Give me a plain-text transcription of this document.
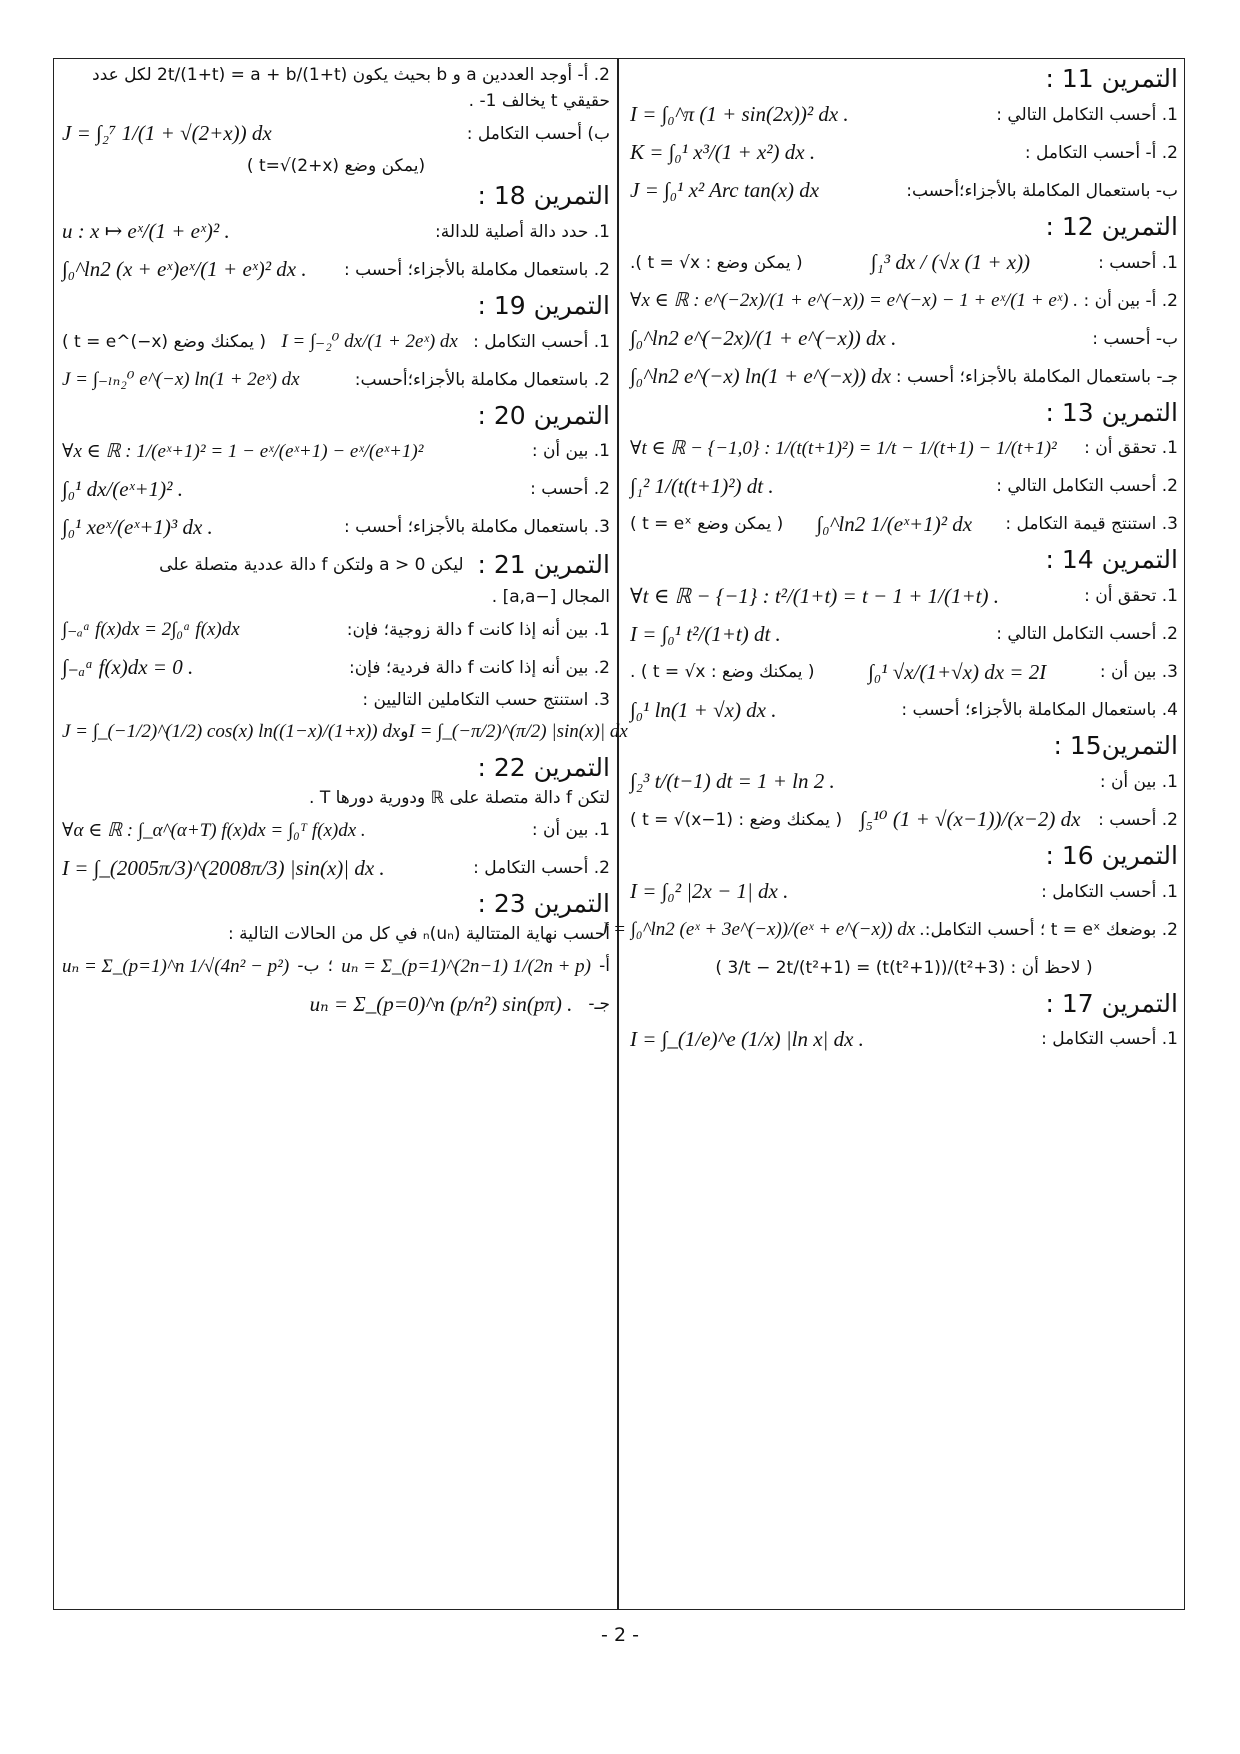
التمرين 11 :
1. أحسب التكامل التالي :
I = ∫₀^π (1 + sin(2x))² dx .
2. أ- أحسب التكامل :
K = ∫₀¹ x³/(1 + x²) dx .
ب- باستعمال المكاملة بالأجزاء؛أحسب:
J = ∫₀¹ x² Arc tan(x) dx
التمرين 12 :
1. أحسب :
∫₁³ dx / (√x (1 + x))
( يمكن وضع : t = √x ).
2. أ- بين أن :
∀x ∈ ℝ : e^(−2x)/(1 + e^(−x)) = e^(−x) − 1 + eˣ/(1 + eˣ) .
ب- أحسب :
∫₀^ln2 e^(−2x)/(1 + e^(−x)) dx .
جـ- باستعمال المكاملة بالأجزاء؛ أحسب :
∫₀^ln2 e^(−x) ln(1 + e^(−x)) dx
التمرين 13 :
1. تحقق أن :
∀t ∈ ℝ − {−1,0} : 1/(t(t+1)²) = 1/t − 1/(t+1) − 1/(t+1)²
2. أحسب التكامل التالي :
∫₁² 1/(t(t+1)²) dt .
3. استنتج قيمة التكامل :
∫₀^ln2 1/(eˣ+1)² dx
( يمكن وضع t = eˣ )
التمرين 14 :
1. تحقق أن :
∀t ∈ ℝ − {−1} : t²/(1+t) = t − 1 + 1/(1+t) .
2. أحسب التكامل التالي :
I = ∫₀¹ t²/(1+t) dt .
3. بين أن :
∫₀¹ √x/(1+√x) dx = 2I
( يمكنك وضع : t = √x ) .
4. باستعمال المكاملة بالأجزاء؛ أحسب :
∫₀¹ ln(1 + √x) dx .
التمرين15 :
1. بين أن :
∫₂³ t/(t−1) dt = 1 + ln 2 .
2. أحسب :
∫₅¹⁰ (1 + √(x−1))/(x−2) dx
( يمكنك وضع : t = √(x−1) )
التمرين 16 :
1. أحسب التكامل :
I = ∫₀² |2x − 1| dx .
2. بوضعك t = eˣ ؛ أحسب التكامل:
J = ∫₀^ln2 (eˣ + 3e^(−x))/(eˣ + e^(−x)) dx .
( لاحظ أن : (t²+3)/(t(t²+1)) = 3/t − 2t/(t²+1) )
التمرين 17 :
1. أحسب التكامل :
I = ∫_(1/e)^e (1/x) |ln x| dx .
2. أ- أوجد العددين a و b بحيث يكون 2t/(1+t) = a + b/(1+t) لكل عدد
حقيقي t يخالف 1- .
ب) أحسب التكامل :
J = ∫₂⁷ 1/(1 + √(2+x)) dx
(يمكن وضع t=√(2+x) )
التمرين 18 :
1. حدد دالة أصلية للدالة:
u : x ↦ eˣ/(1 + eˣ)² .
2. باستعمال مكاملة بالأجزاء؛ أحسب :
∫₀^ln2 (x + eˣ)eˣ/(1 + eˣ)² dx .
التمرين 19 :
1. أحسب التكامل :
I = ∫₋₂⁰ dx/(1 + 2eˣ) dx
( يمكنك وضع t = e^(−x) )
2. باستعمال مكاملة بالأجزاء؛أحسب:
J = ∫₋ₗₙ₂⁰ e^(−x) ln(1 + 2eˣ) dx
التمرين 20 :
1. بين أن :
∀x ∈ ℝ : 1/(eˣ+1)² = 1 − eˣ/(eˣ+1) − eˣ/(eˣ+1)²
2. أحسب :
∫₀¹ dx/(eˣ+1)² .
3. باستعمال مكاملة بالأجزاء؛ أحسب :
∫₀¹ xeˣ/(eˣ+1)³ dx .
التمرين 21 :
ليكن a > 0 ولتكن f دالة عددية متصلة على
المجال [−a,a] .
1. بين أنه إذا كانت f دالة زوجية؛ فإن:
∫₋ₐᵃ f(x)dx = 2∫₀ᵃ f(x)dx
2. بين أنه إذا كانت f دالة فردية؛ فإن:
∫₋ₐᵃ f(x)dx = 0 .
3. استنتج حسب التكاملين التاليين :
J = ∫_(−1/2)^(1/2) cos(x) ln((1−x)/(1+x)) dx و I = ∫_(−π/2)^(π/2) |sin(x)| dx
التمرين 22 :
لتكن f دالة متصلة على ℝ ودورية دورها T .
1. بين أن :
∀α ∈ ℝ : ∫_α^(α+T) f(x)dx = ∫₀ᵀ f(x)dx .
2. أحسب التكامل :
I = ∫_(2005π/3)^(2008π/3) |sin(x)| dx .
التمرين 23 :
أحسب نهاية المتتالية (uₙ)ₙ في كل من الحالات التالية :
أ-
uₙ = Σ_(p=1)^(2n−1) 1/(2n + p)
؛
ب-
uₙ = Σ_(p=1)^n 1/√(4n² − p²)
جـ-
uₙ = Σ_(p=0)^n (p/n²) sin(pπ) .
- 2 -
